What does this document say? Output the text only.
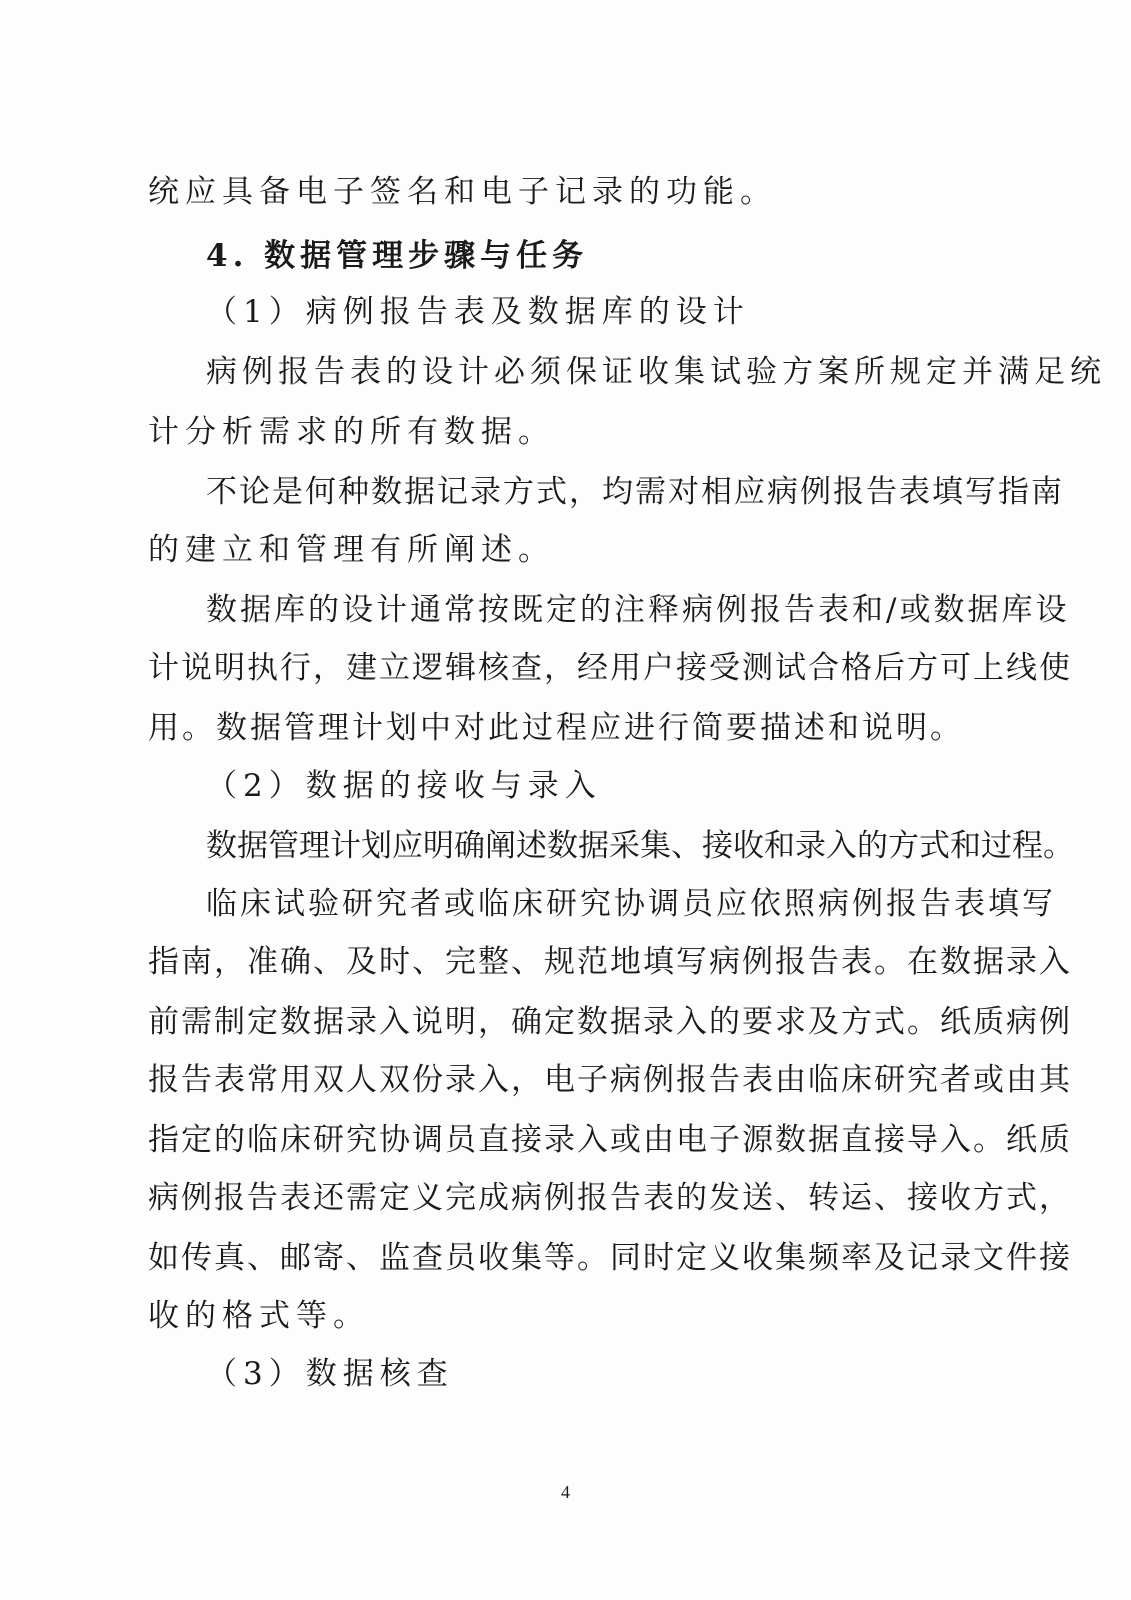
统应具备电子签名和电子记录的功能。
4. 数据管理步骤与任务
（1）病例报告表及数据库的设计
病例报告表的设计必须保证收集试验方案所规定并满足统
计分析需求的所有数据。
不论是何种数据记录方式，均需对相应病例报告表填写指南
的建立和管理有所阐述。
数据库的设计通常按既定的注释病例报告表和/或数据库设
计说明执行，建立逻辑核查，经用户接受测试合格后方可上线使
用。数据管理计划中对此过程应进行简要描述和说明。
（2）数据的接收与录入
数据管理计划应明确阐述数据采集、接收和录入的方式和过程。
临床试验研究者或临床研究协调员应依照病例报告表填写
指南，准确、及时、完整、规范地填写病例报告表。在数据录入
前需制定数据录入说明，确定数据录入的要求及方式。纸质病例
报告表常用双人双份录入，电子病例报告表由临床研究者或由其
指定的临床研究协调员直接录入或由电子源数据直接导入。纸质
病例报告表还需定义完成病例报告表的发送、转运、接收方式，
如传真、邮寄、监查员收集等。同时定义收集频率及记录文件接
收的格式等。
（3）数据核查
4
